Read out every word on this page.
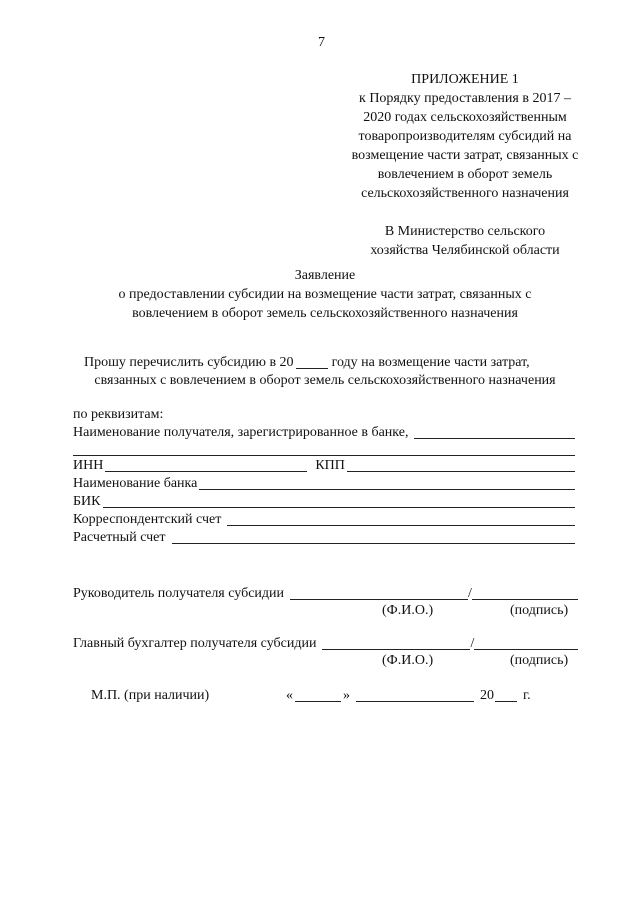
7
ПРИЛОЖЕНИЕ 1
к Порядку предоставления в 2017 –
2020 годах сельскохозяйственным
товаропроизводителям субсидий на
возмещение части затрат, связанных с
вовлечением в оборот земель
сельскохозяйственного назначения
В Министерство сельского
хозяйства Челябинской области
Заявление
о предоставлении субсидии на возмещение части затрат, связанных с
вовлечением в оборот земель сельскохозяйственного назначения
Прошу перечислить субсидию в 20	году на возмещение части затрат,
связанных с вовлечением в оборот земель сельскохозяйственного назначения
по реквизитам:
Наименование получателя, зарегистрированное в банке,
ИНН	КПП
Наименование банка
БИК
Корреспондентский счет
Расчетный счет
Руководитель получателя субсидии	/
(Ф.И.О.)	(подпись)
Главный бухгалтер получателя субсидии	/
(Ф.И.О.)	(подпись)
М.П. (при наличии)	«	»	20 г.
